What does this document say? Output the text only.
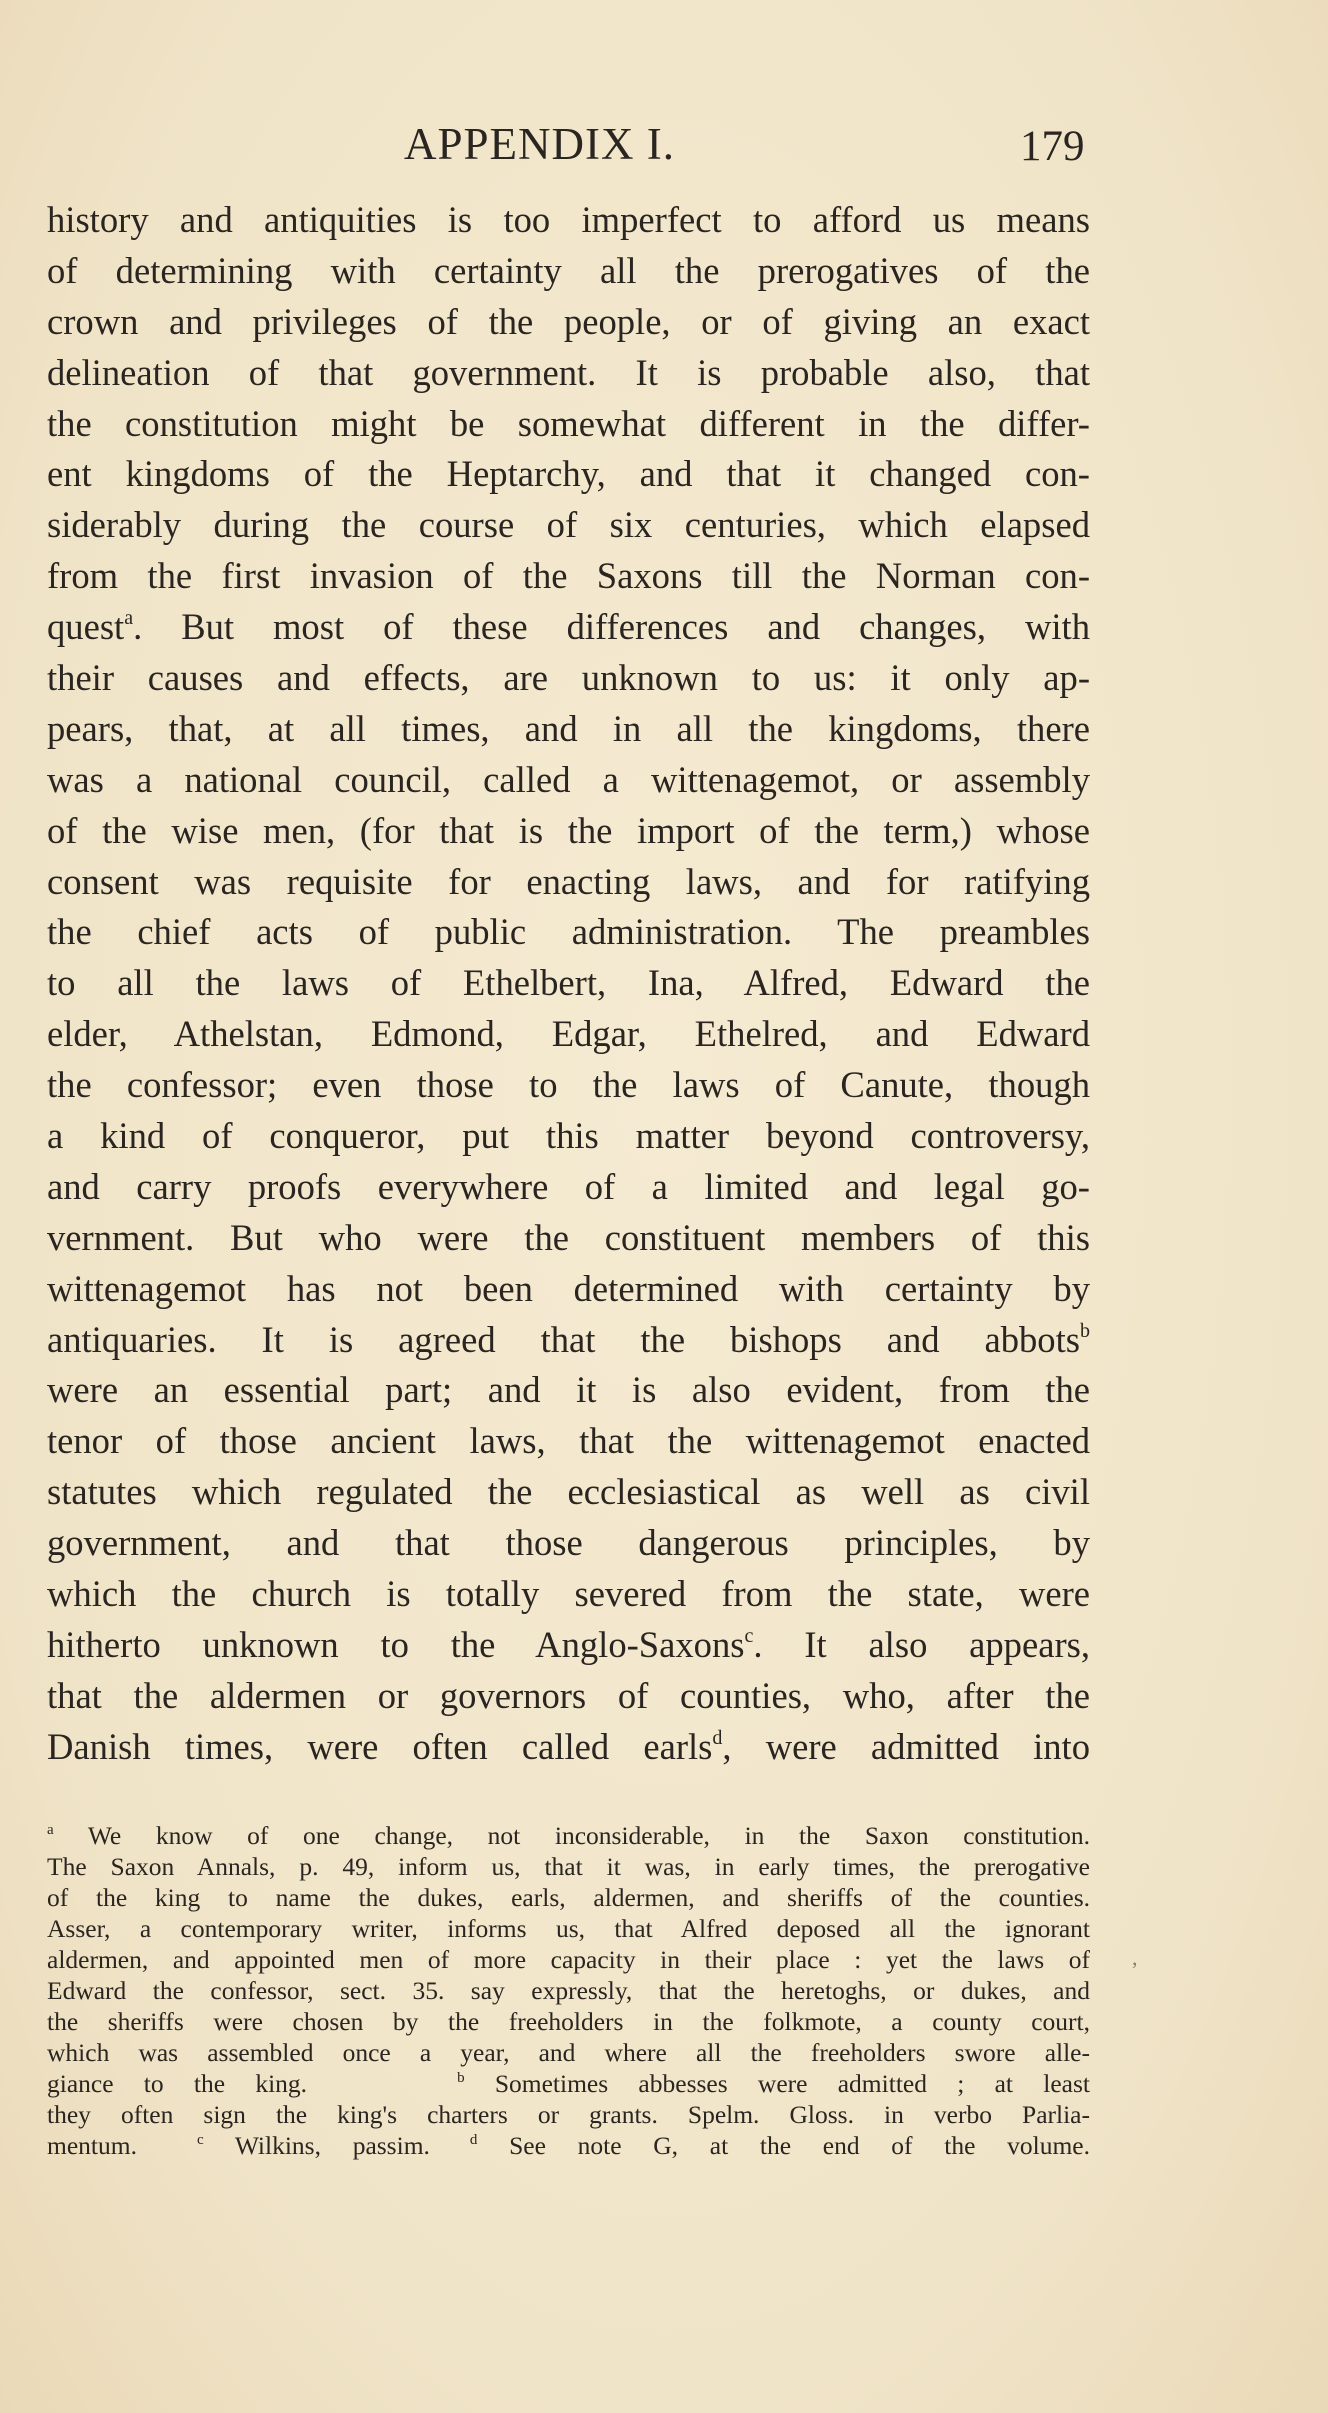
APPENDIX I.	179
history and antiquities is too imperfect to afford us means
of determining with certainty all the prerogatives of the
crown and privileges of the people, or of giving an exact
delineation of that government. It is probable also, that
the constitution might be somewhat different in the differ-
ent kingdoms of the Heptarchy, and that it changed con-
siderably during the course of six centuries, which elapsed
from the first invasion of the Saxons till the Norman con-
quest$^a$. But most of these differences and changes, with
their causes and effects, are unknown to us: it only ap-
pears, that, at all times, and in all the kingdoms, there
was a national council, called a wittenagemot, or assembly
of the wise men, (for that is the import of the term,) whose
consent was requisite for enacting laws, and for ratifying
the chief acts of public administration. The preambles
to all the laws of Ethelbert, Ina, Alfred, Edward the
elder, Athelstan, Edmond, Edgar, Ethelred, and Edward
the confessor; even those to the laws of Canute, though
a kind of conqueror, put this matter beyond controversy,
and carry proofs everywhere of a limited and legal go-
vernment. But who were the constituent members of this
wittenagemot has not been determined with certainty by
antiquaries. It is agreed that the bishops and abbots$^b$
were an essential part; and it is also evident, from the
tenor of those ancient laws, that the wittenagemot enacted
statutes which regulated the ecclesiastical as well as civil
government, and that those dangerous principles, by
which the church is totally severed from the state, were
hitherto unknown to the Anglo-Saxons$^c$. It also appears,
that the aldermen or governors of counties, who, after the
Danish times, were often called earls$^d$, were admitted into
$^a$ We know of one change, not inconsiderable, in the Saxon constitution.
The Saxon Annals, p. 49, inform us, that it was, in early times, the prerogative
of the king to name the dukes, earls, aldermen, and sheriffs of the counties.
Asser, a contemporary writer, informs us, that Alfred deposed all the ignorant
aldermen, and appointed men of more capacity in their place : yet the laws of
Edward the confessor, sect. 35. say expressly, that the heretoghs, or dukes, and
the sheriffs were chosen by the freeholders in the folkmote, a county court,
which was assembled once a year, and where all the freeholders swore alle-
giance to the king.	$^b$ Sometimes abbesses were admitted ; at least
they often sign the king's charters or grants. Spelm. Gloss. in verbo Parlia-
mentum.	$^c$ Wilkins, passim.	$^d$ See note G, at the end of the volume.
,
